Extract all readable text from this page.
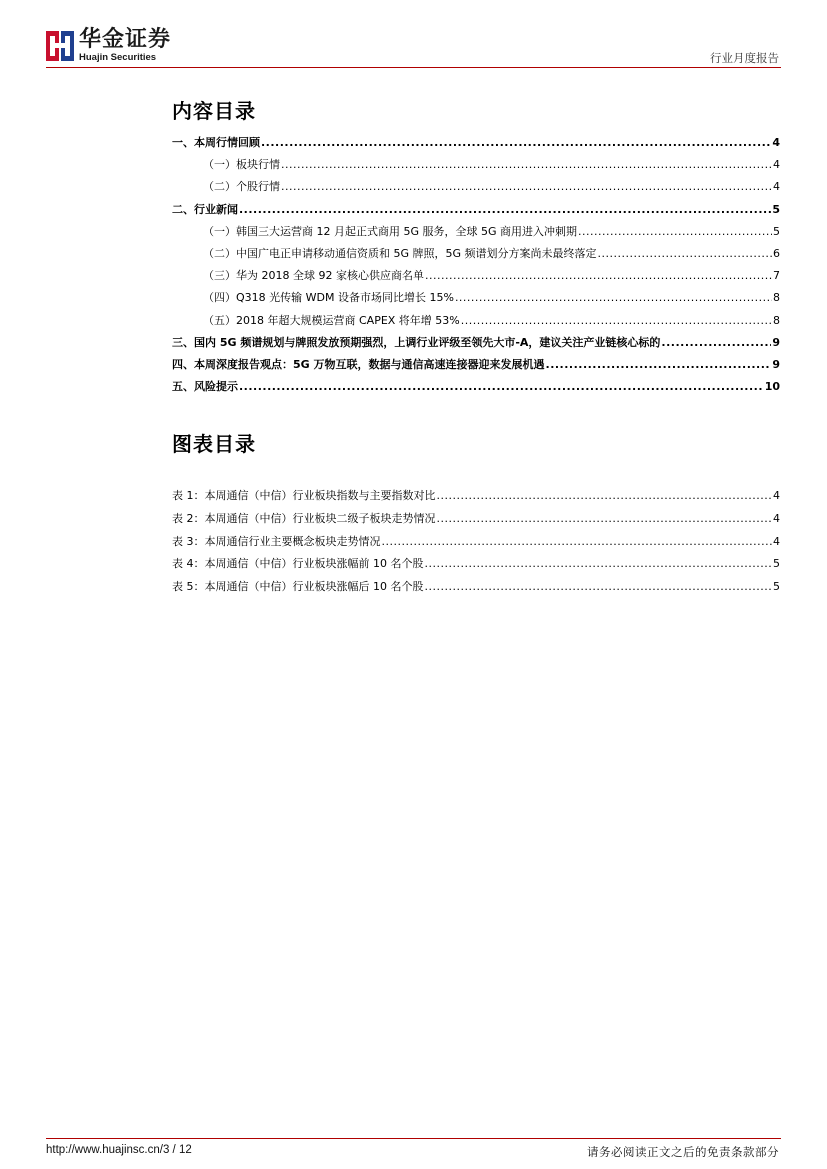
华金证券
Huajin Securities	行业月度报告
内容目录
一、本周行情回顾 .....	4
（一）板块行情 .....	4
（二）个股行情 .....	4
二、行业新闻 .....	5
（一）韩国三大运营商 12 月起正式商用 5G 服务，全球 5G 商用进入冲刺期 .....	5
（二）中国广电正申请移动通信资质和 5G 牌照，5G 频谱划分方案尚未最终落定 .....	6
（三）华为 2018 全球 92 家核心供应商名单 .....	7
（四）Q318 光传输 WDM 设备市场同比增长 15% .....	8
（五）2018 年超大规模运营商 CAPEX 将年增 53% .....	8
三、国内 5G 频谱规划与牌照发放预期强烈，上调行业评级至领先大市-A，建议关注产业链核心标的 .....	9
四、本周深度报告观点：5G 万物互联，数据与通信高速连接器迎来发展机遇 .....	9
五、风险提示 .....	10
图表目录
表 1：本周通信（中信）行业板块指数与主要指数对比 .....	4
表 2：本周通信（中信）行业板块二级子板块走势情况 .....	4
表 3：本周通信行业主要概念板块走势情况 .....	4
表 4：本周通信（中信）行业板块涨幅前 10 名个股 .....	5
表 5：本周通信（中信）行业板块涨幅后 10 名个股 .....	5
http://www.huajinsc.cn/3 / 12	请务必阅读正文之后的免责条款部分
